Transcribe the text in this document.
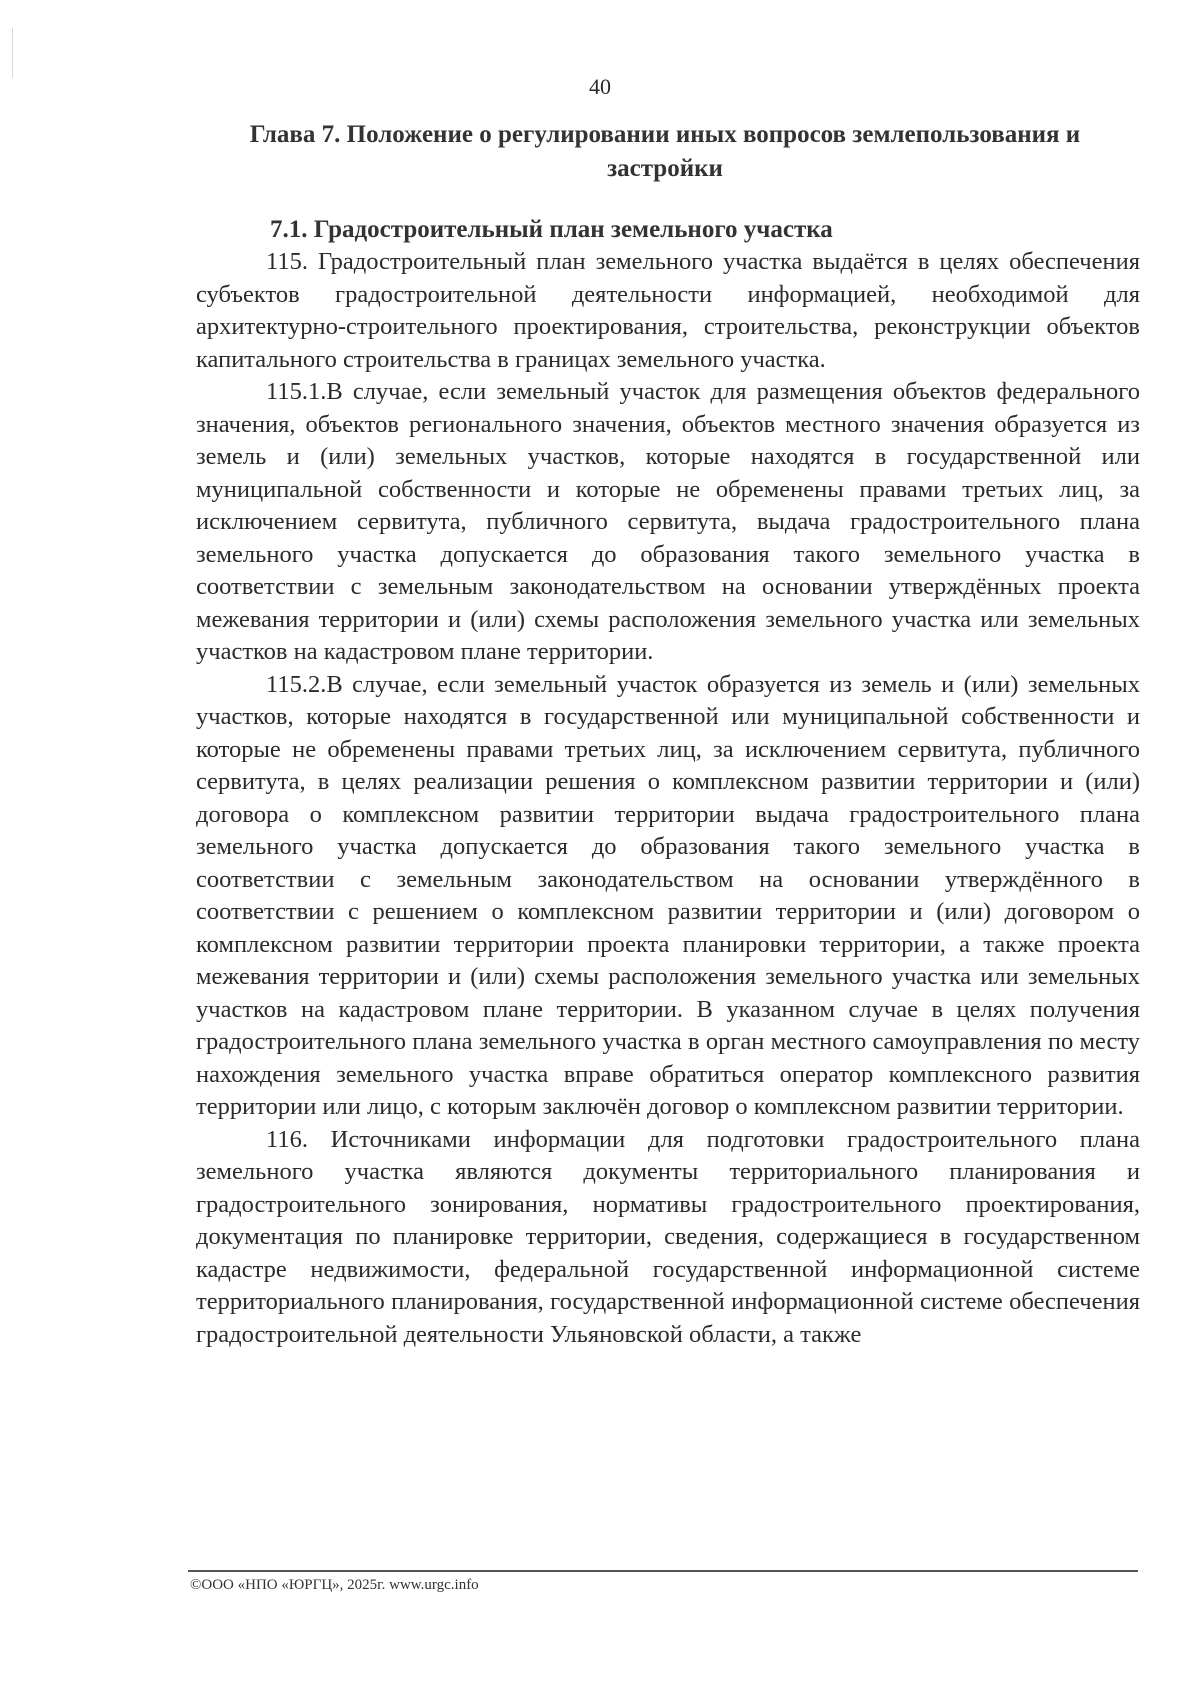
40
Глава 7. Положение о регулировании иных вопросов землепользования и застройки
7.1. Градостроительный план земельного участка

115. Градостроительный план земельного участка выдаётся в целях обеспечения субъектов градостроительной деятельности информацией, необходимой для архитектурно-строительного проектирования, строительства, реконструкции объектов капитального строительства в границах земельного участка.

115.1.В случае, если земельный участок для размещения объектов федерального значения, объектов регионального значения, объектов местного значения образуется из земель и (или) земельных участков, которые находятся в государственной или муниципальной собственности и которые не обременены правами третьих лиц, за исключением сервитута, публичного сервитута, выдача градостроительного плана земельного участка допускается до образования такого земельного участка в соответствии с земельным законодательством на основании утверждённых проекта межевания территории и (или) схемы расположения земельного участка или земельных участков на кадастровом плане территории.

115.2.В случае, если земельный участок образуется из земель и (или) земельных участков, которые находятся в государственной или муниципальной собственности и которые не обременены правами третьих лиц, за исключением сервитута, публичного сервитута, в целях реализации решения о комплексном развитии территории и (или) договора о комплексном развитии территории выдача градостроительного плана земельного участка допускается до образования такого земельного участка в соответствии с земельным законодательством на основании утверждённого в соответствии с решением о комплексном развитии территории и (или) договором о комплексном развитии территории проекта планировки территории, а также проекта межевания территории и (или) схемы расположения земельного участка или земельных участков на кадастровом плане территории. В указанном случае в целях получения градостроительного плана земельного участка в орган местного самоуправления по месту нахождения земельного участка вправе обратиться оператор комплексного развития территории или лицо, с которым заключён договор о комплексном развитии территории.

116. Источниками информации для подготовки градостроительного плана земельного участка являются документы территориального планирования и градостроительного зонирования, нормативы градостроительного проектирования, документация по планировке территории, сведения, содержащиеся в государственном кадастре недвижимости, федеральной государственной информационной системе территориального планирования, государственной информационной системе обеспечения градостроительной деятельности Ульяновской области, а также

©ООО «НПО «ЮРГЦ», 2025г. www.urgc.info
